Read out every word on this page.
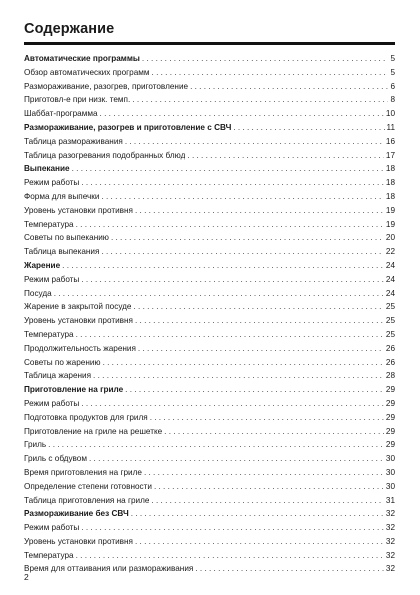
Содержание
Автоматические программы . . .	5
Обзор автоматических программ . . .	5
Размораживание, разогрев, приготовление . . .	6
Приготовл-е при низк. темп. . . .	8
Шаббат-программа . . .	10
Размораживание, разогрев и приготовление с СВЧ . . .	11
Таблица размораживания . . .	16
Таблица разогревания подобранных блюд . . .	17
Выпекание . . .	18
Режим работы . . .	18
Форма для выпечки . . .	18
Уровень установки противня . . .	19
Температура . . .	19
Советы по выпеканию . . .	20
Таблица выпекания . . .	22
Жарение . . .	24
Режим работы . . .	24
Посуда . . .	24
Жарение в закрытой посуде . . .	25
Уровень установки противня . . .	25
Температура . . .	25
Продолжительность жарения . . .	26
Советы по жарению . . .	26
Таблица жарения . . .	28
Приготовление на гриле . . .	29
Режим работы . . .	29
Подготовка продуктов для гриля . . .	29
Приготовление на гриле на решетке . . .	29
Гриль . . .	29
Гриль с обдувом . . .	30
Время приготовления на гриле . . .	30
Определение степени готовности . . .	30
Таблица приготовления на гриле . . .	31
Размораживание без СВЧ . . .	32
Режим работы . . .	32
Уровень установки противня . . .	32
Температура . . .	32
Время для оттаивания или размораживания . . .	32
2
